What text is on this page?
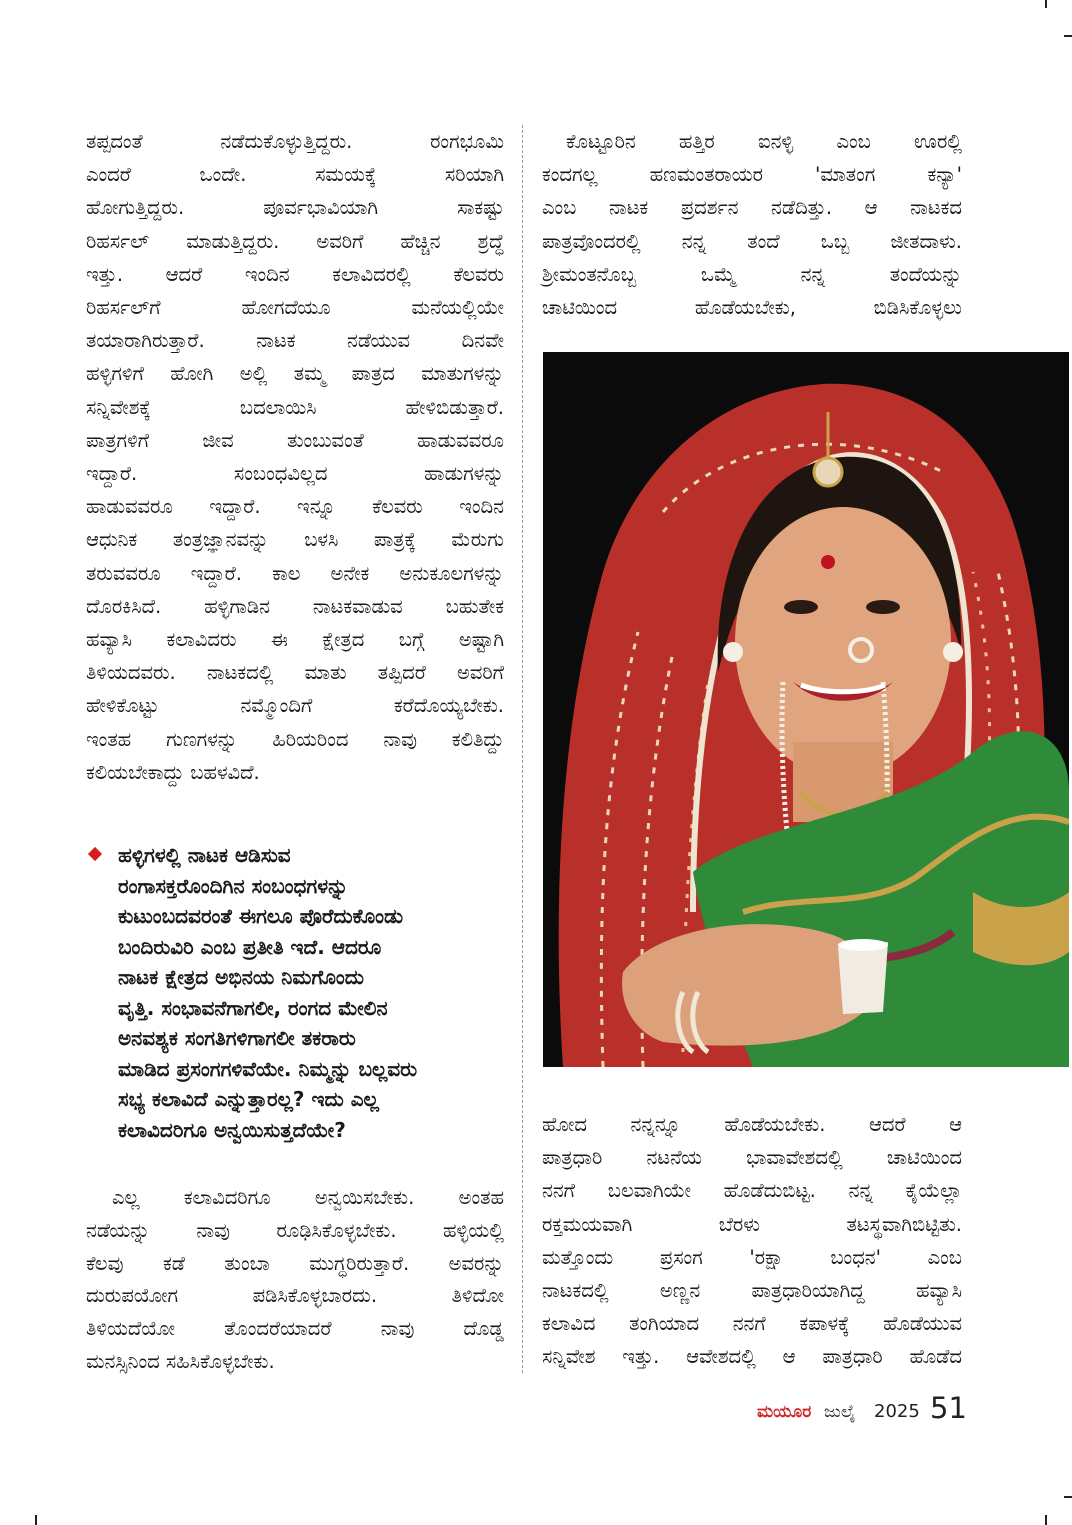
ತಪ್ಪದಂತೆ ನಡೆದುಕೊಳ್ಳುತ್ತಿದ್ದರು. ರಂಗಭೂಮಿ
ಎಂದರೆ ಒಂದೇ. ಸಮಯಕ್ಕೆ ಸರಿಯಾಗಿ
ಹೋಗುತ್ತಿದ್ದರು. ಪೂರ್ವಭಾವಿಯಾಗಿ ಸಾಕಷ್ಟು
ರಿಹರ್ಸಲ್ ಮಾಡುತ್ತಿದ್ದರು. ಅವರಿಗೆ ಹೆಚ್ಚಿನ ಶ್ರದ್ಧೆ
ಇತ್ತು. ಆದರೆ ಇಂದಿನ ಕಲಾವಿದರಲ್ಲಿ ಕೆಲವರು
ರಿಹರ್ಸಲ್‌ಗೆ ಹೋಗದೆಯೂ ಮನೆಯಲ್ಲಿಯೇ
ತಯಾರಾಗಿರುತ್ತಾರೆ. ನಾಟಕ ನಡೆಯುವ ದಿನವೇ
ಹಳ್ಳಿಗಳಿಗೆ ಹೋಗಿ ಅಲ್ಲಿ ತಮ್ಮ ಪಾತ್ರದ ಮಾತುಗಳನ್ನು
ಸನ್ನಿವೇಶಕ್ಕೆ ಬದಲಾಯಿಸಿ ಹೇಳಿಬಿಡುತ್ತಾರೆ.
ಪಾತ್ರಗಳಿಗೆ ಜೀವ ತುಂಬುವಂತೆ ಹಾಡುವವರೂ
ಇದ್ದಾರೆ. ಸಂಬಂಧವಿಲ್ಲದ ಹಾಡುಗಳನ್ನು
ಹಾಡುವವರೂ ಇದ್ದಾರೆ. ಇನ್ನೂ ಕೆಲವರು ಇಂದಿನ
ಆಧುನಿಕ ತಂತ್ರಜ್ಞಾನವನ್ನು ಬಳಸಿ ಪಾತ್ರಕ್ಕೆ ಮೆರುಗು
ತರುವವರೂ ಇದ್ದಾರೆ. ಕಾಲ ಅನೇಕ ಅನುಕೂಲಗಳನ್ನು
ದೊರಕಿಸಿದೆ. ಹಳ್ಳಿಗಾಡಿನ ನಾಟಕವಾಡುವ ಬಹುತೇಕ
ಹವ್ಯಾಸಿ ಕಲಾವಿದರು ಈ ಕ್ಷೇತ್ರದ ಬಗ್ಗೆ ಅಷ್ಟಾಗಿ
ತಿಳಿಯದವರು. ನಾಟಕದಲ್ಲಿ ಮಾತು ತಪ್ಪಿದರೆ ಅವರಿಗೆ
ಹೇಳಿಕೊಟ್ಟು ನಮ್ಮೊಂದಿಗೆ ಕರೆದೊಯ್ಯಬೇಕು.
ಇಂತಹ ಗುಣಗಳನ್ನು ಹಿರಿಯರಿಂದ ನಾವು ಕಲಿತಿದ್ದು
ಕಲಿಯಬೇಕಾದ್ದು ಬಹಳವಿದೆ.
ಹಳ್ಳಿಗಳಲ್ಲಿ ನಾಟಕ ಆಡಿಸುವ
ರಂಗಾಸಕ್ತರೊಂದಿಗಿನ ಸಂಬಂಧಗಳನ್ನು
ಕುಟುಂಬದವರಂತೆ ಈಗಲೂ ಪೊರೆದುಕೊಂಡು
ಬಂದಿರುವಿರಿ ಎಂಬ ಪ್ರತೀತಿ ಇದೆ. ಆದರೂ
ನಾಟಕ ಕ್ಷೇತ್ರದ ಅಭಿನಯ ನಿಮಗೊಂದು
ವೃತ್ತಿ. ಸಂಭಾವನೆಗಾಗಲೀ, ರಂಗದ ಮೇಲಿನ
ಅನವಶ್ಯಕ ಸಂಗತಿಗಳಿಗಾಗಲೀ ತಕರಾರು
ಮಾಡಿದ ಪ್ರಸಂಗಗಳಿವೆಯೇ. ನಿಮ್ಮನ್ನು ಬಲ್ಲವರು
ಸಭ್ಯ ಕಲಾವಿದೆ ಎನ್ನುತ್ತಾರಲ್ಲ? ಇದು ಎಲ್ಲ
ಕಲಾವಿದರಿಗೂ ಅನ್ವಯಿಸುತ್ತದೆಯೇ?
ಎಲ್ಲ ಕಲಾವಿದರಿಗೂ ಅನ್ವಯಿಸಬೇಕು. ಅಂತಹ
ನಡೆಯನ್ನು ನಾವು ರೂಢಿಸಿಕೊಳ್ಳಬೇಕು. ಹಳ್ಳಿಯಲ್ಲಿ
ಕೆಲವು ಕಡೆ ತುಂಬಾ ಮುಗ್ಧರಿರುತ್ತಾರೆ. ಅವರನ್ನು
ದುರುಪಯೋಗ ಪಡಿಸಿಕೊಳ್ಳಬಾರದು. ತಿಳಿದೋ
ತಿಳಿಯದೆಯೋ ತೊಂದರೆಯಾದರೆ ನಾವು ದೊಡ್ಡ
ಮನಸ್ಸಿನಿಂದ ಸಹಿಸಿಕೊಳ್ಳಬೇಕು.
ಕೊಟ್ಟೂರಿನ ಹತ್ತಿರ ಐನಳ್ಳಿ ಎಂಬ ಊರಲ್ಲಿ
ಕಂದಗಲ್ಲ ಹಣಮಂತರಾಯರ 'ಮಾತಂಗ ಕನ್ಯಾ'
ಎಂಬ ನಾಟಕ ಪ್ರದರ್ಶನ ನಡೆದಿತ್ತು. ಆ ನಾಟಕದ
ಪಾತ್ರವೊಂದರಲ್ಲಿ ನನ್ನ ತಂದೆ ಒಬ್ಬ ಜೀತದಾಳು.
ಶ್ರೀಮಂತನೊಬ್ಬ ಒಮ್ಮೆ ನನ್ನ ತಂದೆಯನ್ನು
ಚಾಟಿಯಿಂದ ಹೊಡೆಯಬೇಕು, ಬಿಡಿಸಿಕೊಳ್ಳಲು
ಹೋದ ನನ್ನನ್ನೂ ಹೊಡೆಯಬೇಕು. ಆದರೆ ಆ
ಪಾತ್ರಧಾರಿ ನಟನೆಯ ಭಾವಾವೇಶದಲ್ಲಿ ಚಾಟಿಯಿಂದ
ನನಗೆ ಬಲವಾಗಿಯೇ ಹೊಡೆದುಬಿಟ್ಟ. ನನ್ನ ಕೈಯೆಲ್ಲಾ
ರಕ್ತಮಯವಾಗಿ ಬೆರಳು ತಟಸ್ಥವಾಗಿಬಿಟ್ಟಿತು.
ಮತ್ತೊಂದು ಪ್ರಸಂಗ 'ರಕ್ಷಾ ಬಂಧನ' ಎಂಬ
ನಾಟಕದಲ್ಲಿ ಅಣ್ಣನ ಪಾತ್ರಧಾರಿಯಾಗಿದ್ದ ಹವ್ಯಾಸಿ
ಕಲಾವಿದ ತಂಗಿಯಾದ ನನಗೆ ಕಪಾಳಕ್ಕೆ ಹೊಡೆಯುವ
ಸನ್ನಿವೇಶ ಇತ್ತು. ಆವೇಶದಲ್ಲಿ ಆ ಪಾತ್ರಧಾರಿ ಹೊಡೆದ
ಮಯೂರ ಜುಲೈ 2025 51
